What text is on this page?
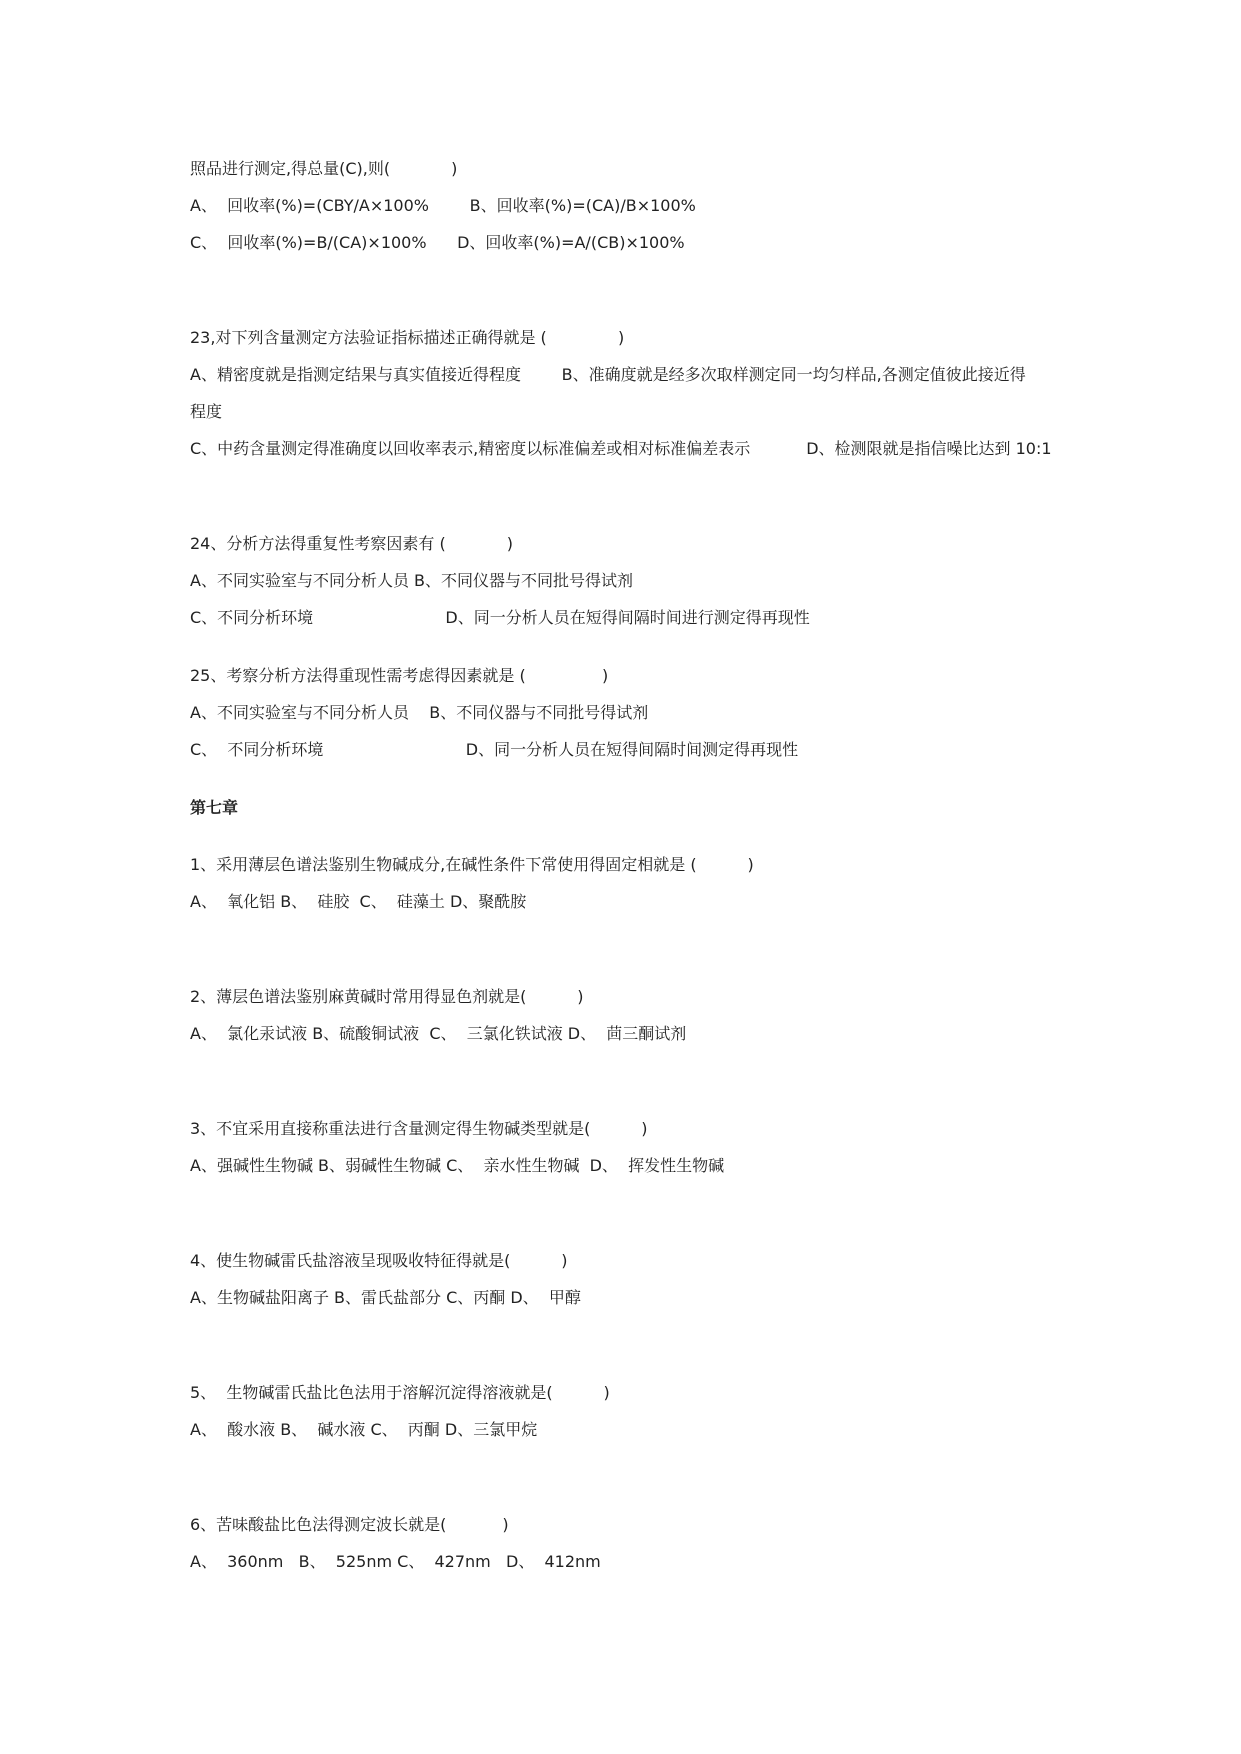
照品进行测定,得总量(C),则(            )

A、  回收率(%)=(CBY/A×100%        B、回收率(%)=(CA)/B×100%

C、  回收率(%)=B/(CA)×100%      D、回收率(%)=A/(CB)×100%

23,对下列含量测定方法验证指标描述正确得就是 (              )

A、精密度就是指测定结果与真实值接近得程度        B、准确度就是经多次取样测定同一均匀样品,各测定值彼此接近得

程度

C、中药含量测定得准确度以回收率表示,精密度以标准偏差或相对标准偏差表示           D、检测限就是指信噪比达到 10:1

24、分析方法得重复性考察因素有 (            )

A、不同实验室与不同分析人员 B、不同仪器与不同批号得试剂

C、不同分析环境                          D、同一分析人员在短得间隔时间进行测定得再现性

25、考察分析方法得重现性需考虑得因素就是 (               )

A、不同实验室与不同分析人员    B、不同仪器与不同批号得试剂

C、  不同分析环境                            D、同一分析人员在短得间隔时间测定得再现性

第七章

1、采用薄层色谱法鉴别生物碱成分,在碱性条件下常使用得固定相就是 (          )

A、  氧化铝 B、  硅胶  C、  硅藻土 D、聚酰胺

2、薄层色谱法鉴别麻黄碱时常用得显色剂就是(          )

A、  氯化汞试液 B、硫酸铜试液  C、  三氯化铁试液 D、  茴三酮试剂

3、不宜采用直接称重法进行含量测定得生物碱类型就是(          )

A、强碱性生物碱 B、弱碱性生物碱 C、  亲水性生物碱  D、  挥发性生物碱

4、使生物碱雷氏盐溶液呈现吸收特征得就是(          )

A、生物碱盐阳离子 B、雷氏盐部分 C、丙酮 D、  甲醇

5、  生物碱雷氏盐比色法用于溶解沉淀得溶液就是(          )

A、  酸水液 B、  碱水液 C、  丙酮 D、三氯甲烷

6、苦味酸盐比色法得测定波长就是(           )

A、  360nm   B、  525nm C、  427nm   D、  412nm
